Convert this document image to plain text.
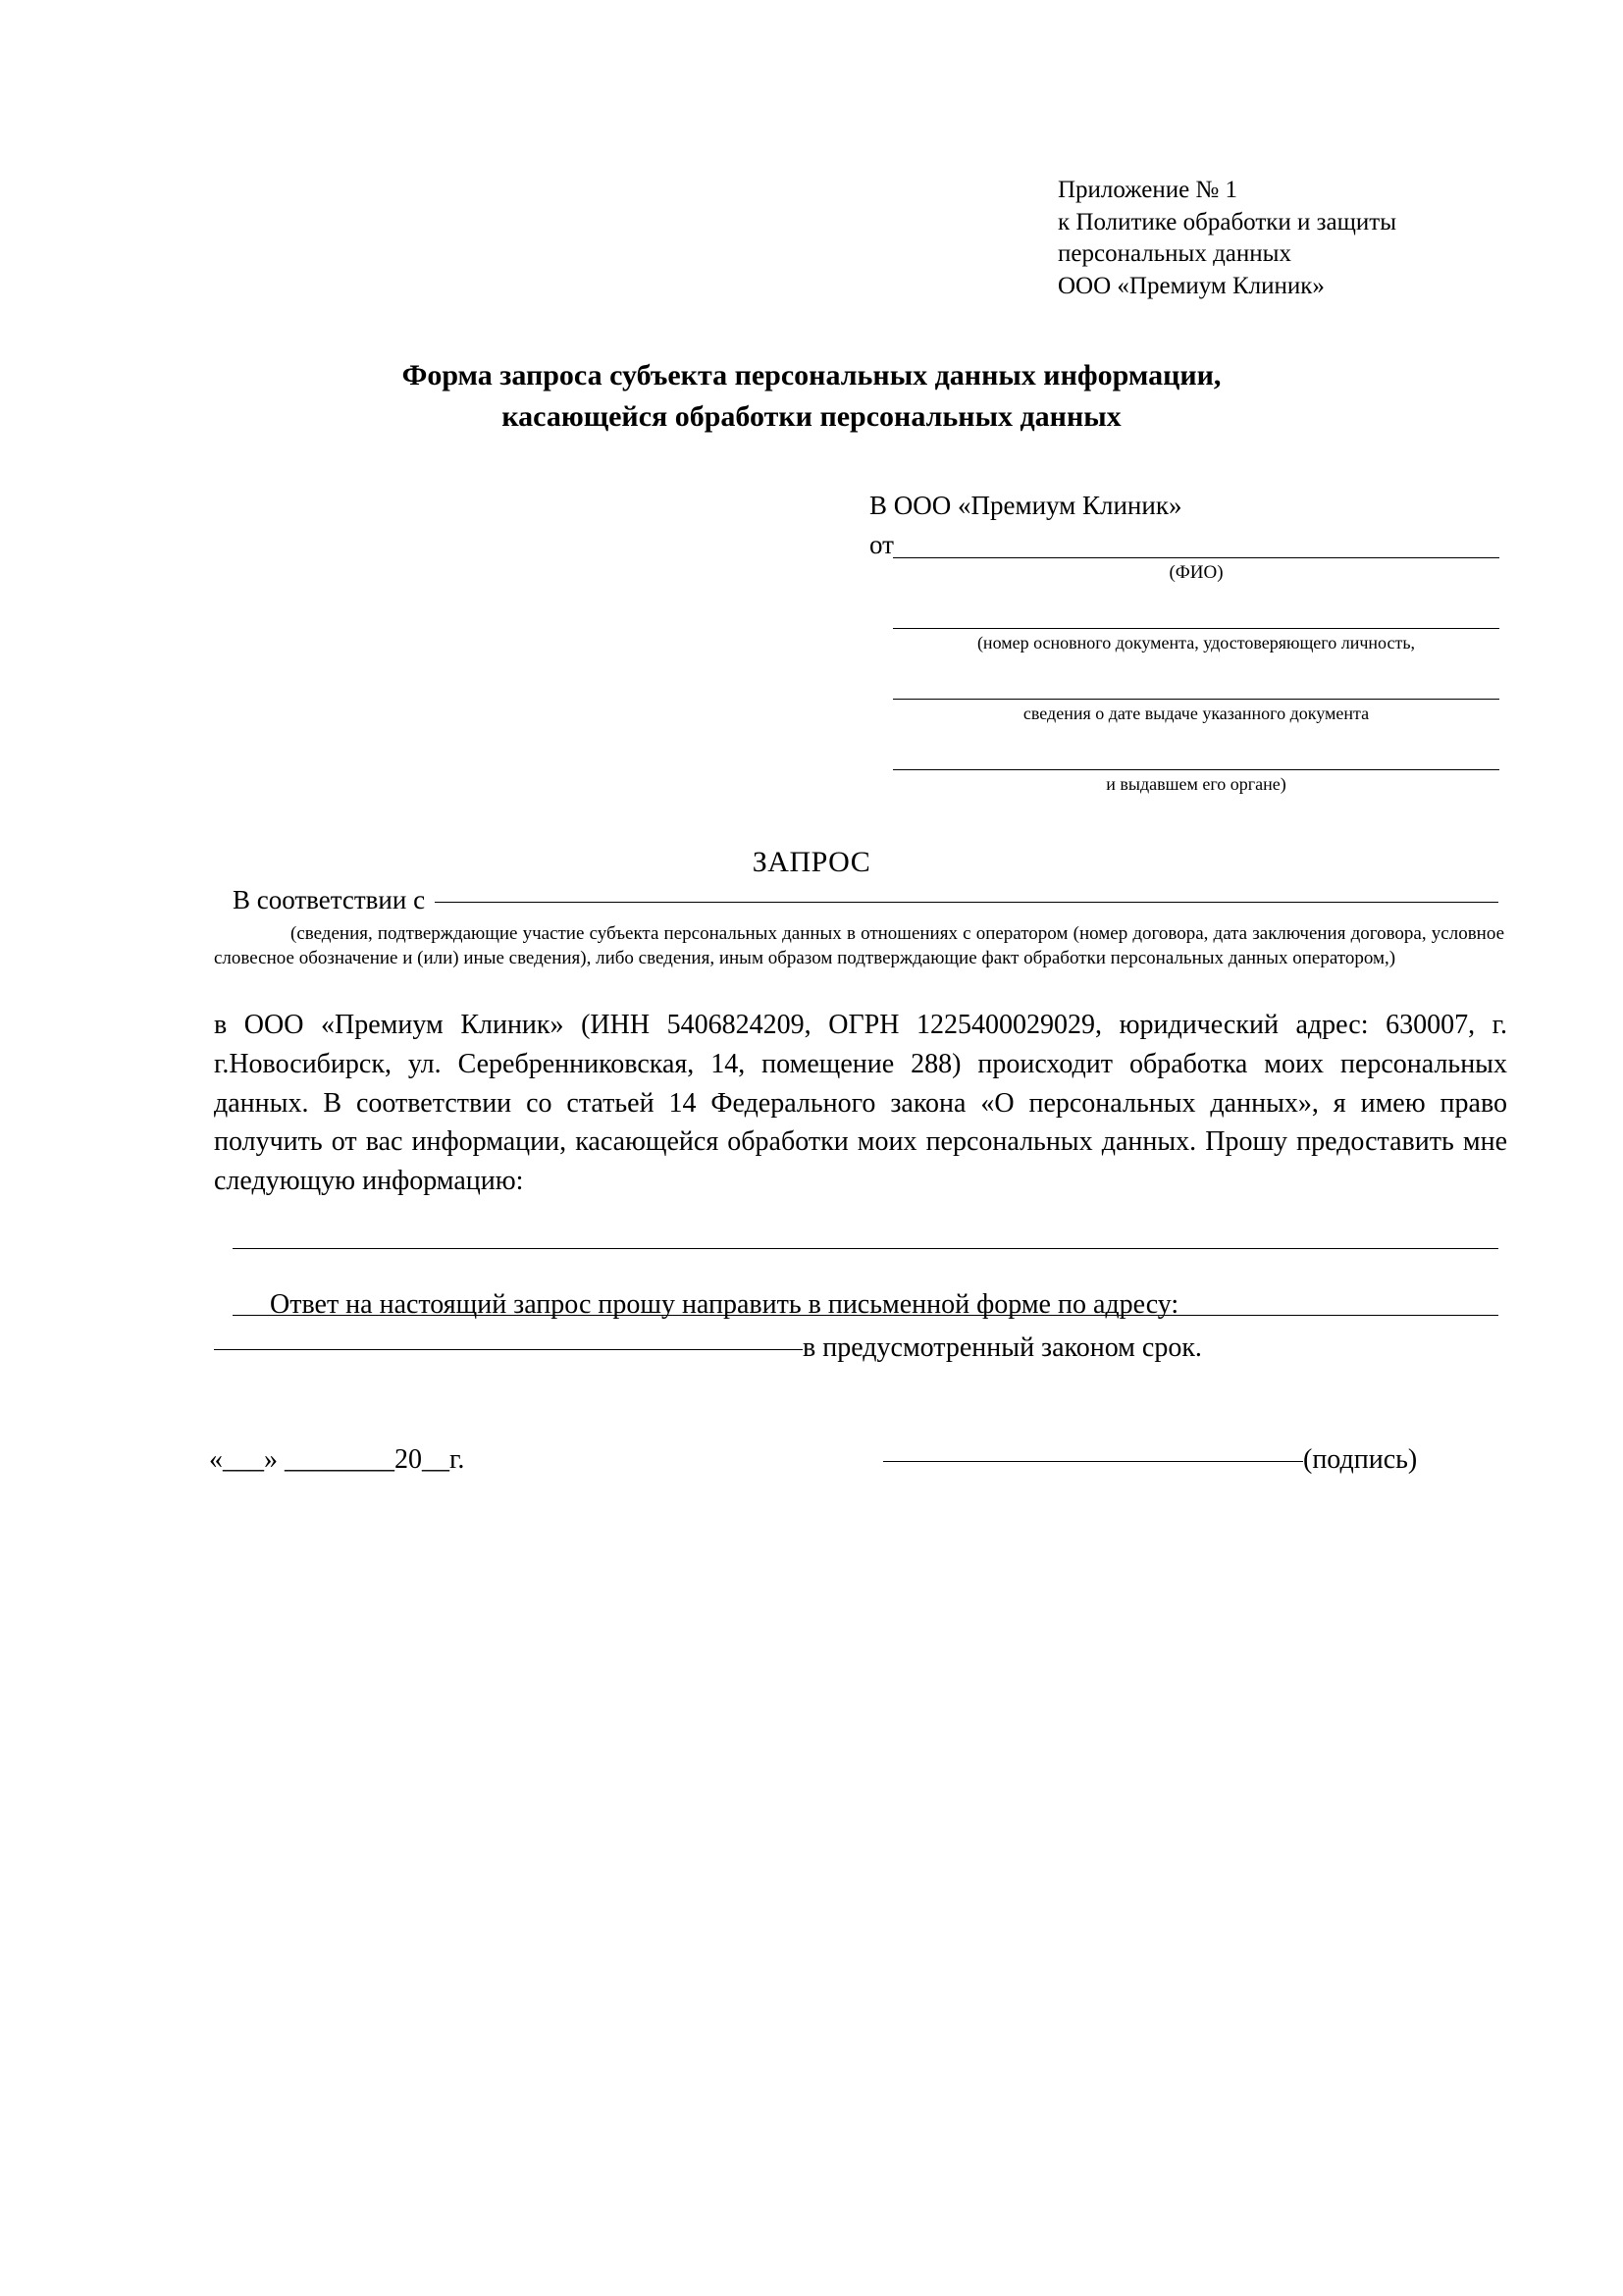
Приложение № 1
к Политике обработки и защиты
персональных данных
ООО «Премиум Клиник»
Форма запроса субъекта персональных данных информации,
касающейся обработки персональных данных
В ООО «Премиум Клиник»
от
(ФИО)
(номер основного документа, удостоверяющего личность,
сведения о дате выдаче указанного документа
и выдавшем его органе)
ЗАПРОС
В соответствии с
(сведения, подтверждающие участие субъекта персональных данных в отношениях с оператором (номер договора, дата заключения договора, условное словесное обозначение и (или) иные сведения), либо сведения, иным образом подтверждающие факт обработки персональных данных оператором,)
в ООО «Премиум Клиник» (ИНН 5406824209, ОГРН 1225400029029, юридический адрес: 630007, г. г.Новосибирск, ул. Серебренниковская, 14, помещение 288) происходит обработка моих персональных данных. В соответствии со статьей 14 Федерального закона «О персональных данных», я имею право получить от вас информации, касающейся обработки моих персональных данных. Прошу предоставить мне следующую информацию:
Ответ на настоящий запрос прошу направить в письменной форме по адресу:
в предусмотренный законом срок.
«___» ________20__г.	(подпись)
